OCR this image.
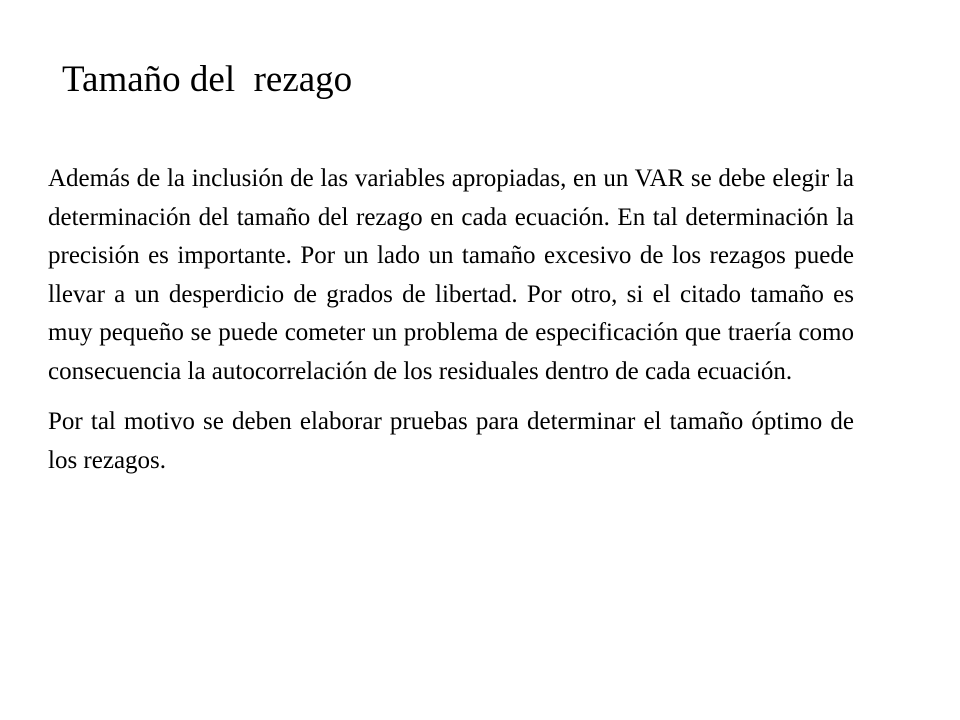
Tamaño del  rezago

Además de la inclusión de las variables apropiadas, en un VAR se debe elegir la determinación del tamaño del rezago en cada ecuación. En tal determinación la precisión es importante. Por un lado un tamaño excesivo de los rezagos puede llevar a un desperdicio de grados de libertad. Por otro, si el citado tamaño es muy pequeño se puede cometer un problema de especificación que traería como consecuencia la autocorrelación de los residuales dentro de cada ecuación.

Por tal motivo se deben elaborar pruebas para determinar el tamaño óptimo de los rezagos.
